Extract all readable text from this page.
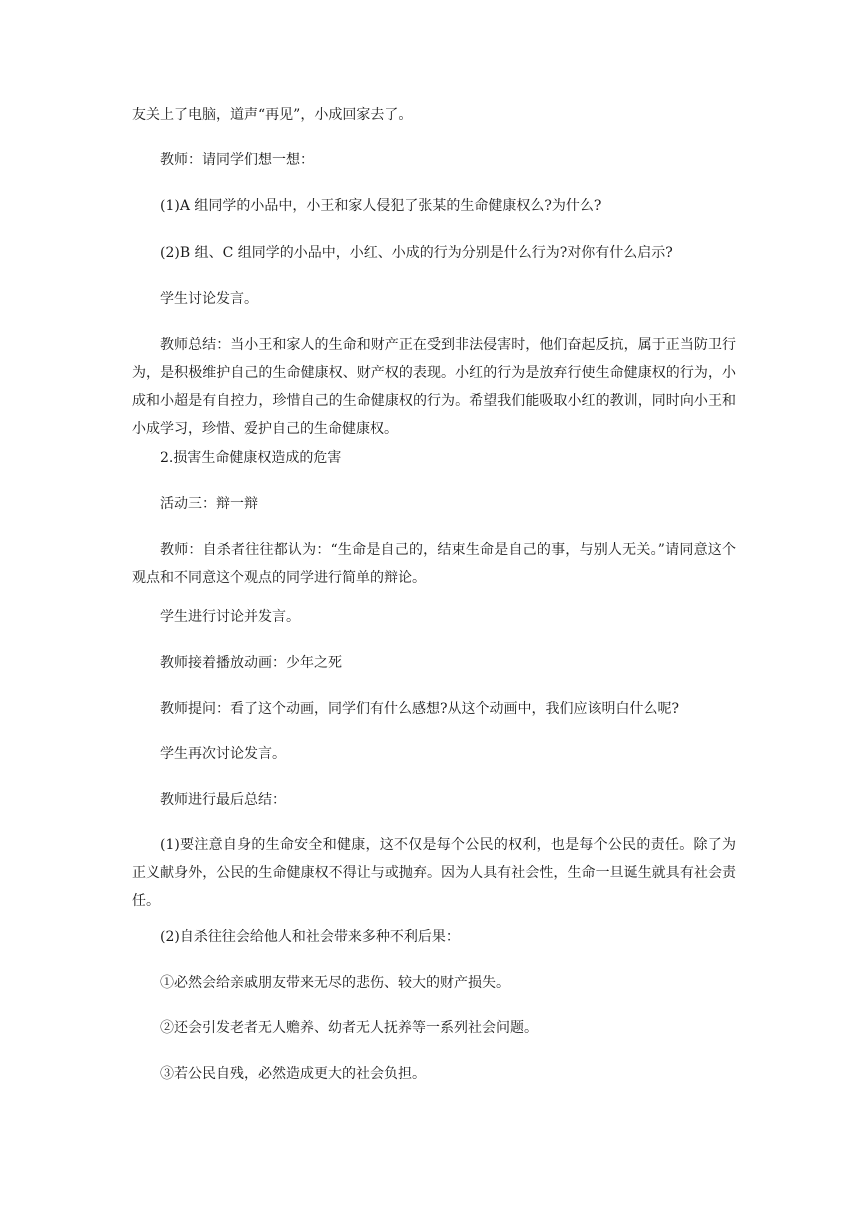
友关上了电脑，道声“再见”，小成回家去了。

教师：请同学们想一想：

(1)A 组同学的小品中，小王和家人侵犯了张某的生命健康权么?为什么?

(2)B 组、C 组同学的小品中，小红、小成的行为分别是什么行为?对你有什么启示?

学生讨论发言。

教师总结：当小王和家人的生命和财产正在受到非法侵害时，他们奋起反抗，属于正当防卫行为，是积极维护自己的生命健康权、财产权的表现。小红的行为是放弃行使生命健康权的行为，小成和小超是有自控力，珍惜自己的生命健康权的行为。希望我们能吸取小红的教训，同时向小王和小成学习，珍惜、爱护自己的生命健康权。

2.损害生命健康权造成的危害

活动三：辩一辩

教师：自杀者往往都认为：“生命是自己的，结束生命是自己的事，与别人无关。”请同意这个观点和不同意这个观点的同学进行简单的辩论。

学生进行讨论并发言。

教师接着播放动画：少年之死

教师提问：看了这个动画，同学们有什么感想?从这个动画中，我们应该明白什么呢?

学生再次讨论发言。

教师进行最后总结：

(1)要注意自身的生命安全和健康，这不仅是每个公民的权利，也是每个公民的责任。除了为正义献身外，公民的生命健康权不得让与或抛弃。因为人具有社会性，生命一旦诞生就具有社会责任。

(2)自杀往往会给他人和社会带来多种不利后果：

①必然会给亲戚朋友带来无尽的悲伤、较大的财产损失。

②还会引发老者无人赡养、幼者无人抚养等一系列社会问题。

③若公民自残，必然造成更大的社会负担。
